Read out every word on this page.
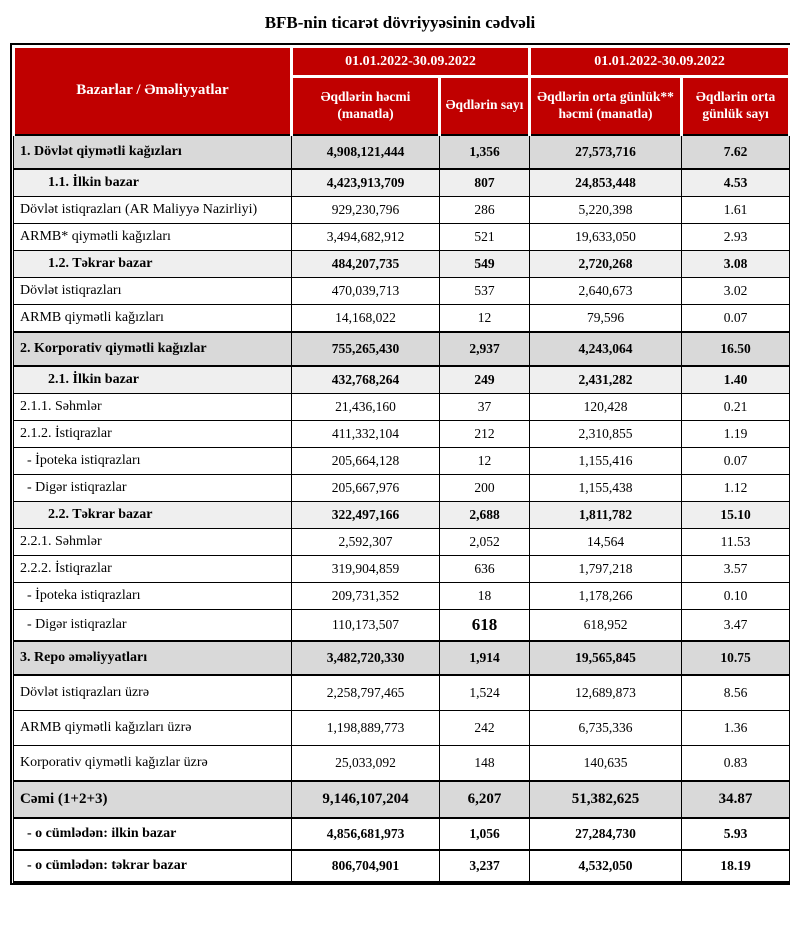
BFB-nin ticarət dövriyyəsinin cədvəli
Bazarlar / Əməliyyatlar	01.01.2022-30.09.2022		01.01.2022-30.09.2022	
	Əqdlərin həcmi (manatla)	Əqdlərin sayı	Əqdlərin orta günlük** həcmi (manatla)	Əqdlərin orta günlük sayı
1. Dövlət qiymətli kağızları	4,908,121,444	1,356	27,573,716	7.62
1.1. İlkin bazar	4,423,913,709	807	24,853,448	4.53
Dövlət istiqrazları (AR Maliyyə Nazirliyi)	929,230,796	286	5,220,398	1.61
ARMB* qiymətli kağızları	3,494,682,912	521	19,633,050	2.93
1.2. Təkrar bazar	484,207,735	549	2,720,268	3.08
Dövlət istiqrazları	470,039,713	537	2,640,673	3.02
ARMB qiymətli kağızları	14,168,022	12	79,596	0.07
2. Korporativ qiymətli kağızlar	755,265,430	2,937	4,243,064	16.50
2.1. İlkin bazar	432,768,264	249	2,431,282	1.40
2.1.1. Səhmlər	21,436,160	37	120,428	0.21
2.1.2. İstiqrazlar	411,332,104	212	2,310,855	1.19
- İpoteka istiqrazları	205,664,128	12	1,155,416	0.07
- Digər istiqrazlar	205,667,976	200	1,155,438	1.12
2.2. Təkrar bazar	322,497,166	2,688	1,811,782	15.10
2.2.1. Səhmlər	2,592,307	2,052	14,564	11.53
2.2.2. İstiqrazlar	319,904,859	636	1,797,218	3.57
- İpoteka istiqrazları	209,731,352	18	1,178,266	0.10
- Digər istiqrazlar	110,173,507	618	618,952	3.47
3. Repo əməliyyatları	3,482,720,330	1,914	19,565,845	10.75
Dövlət istiqrazları üzrə	2,258,797,465	1,524	12,689,873	8.56
ARMB qiymətli kağızları üzrə	1,198,889,773	242	6,735,336	1.36
Korporativ qiymətli kağızlar üzrə	25,033,092	148	140,635	0.83
Cəmi (1+2+3)	9,146,107,204	6,207	51,382,625	34.87
- o cümlədən: ilkin bazar	4,856,681,973	1,056	27,284,730	5.93
- o cümlədən: təkrar bazar	806,704,901	3,237	4,532,050	18.19
